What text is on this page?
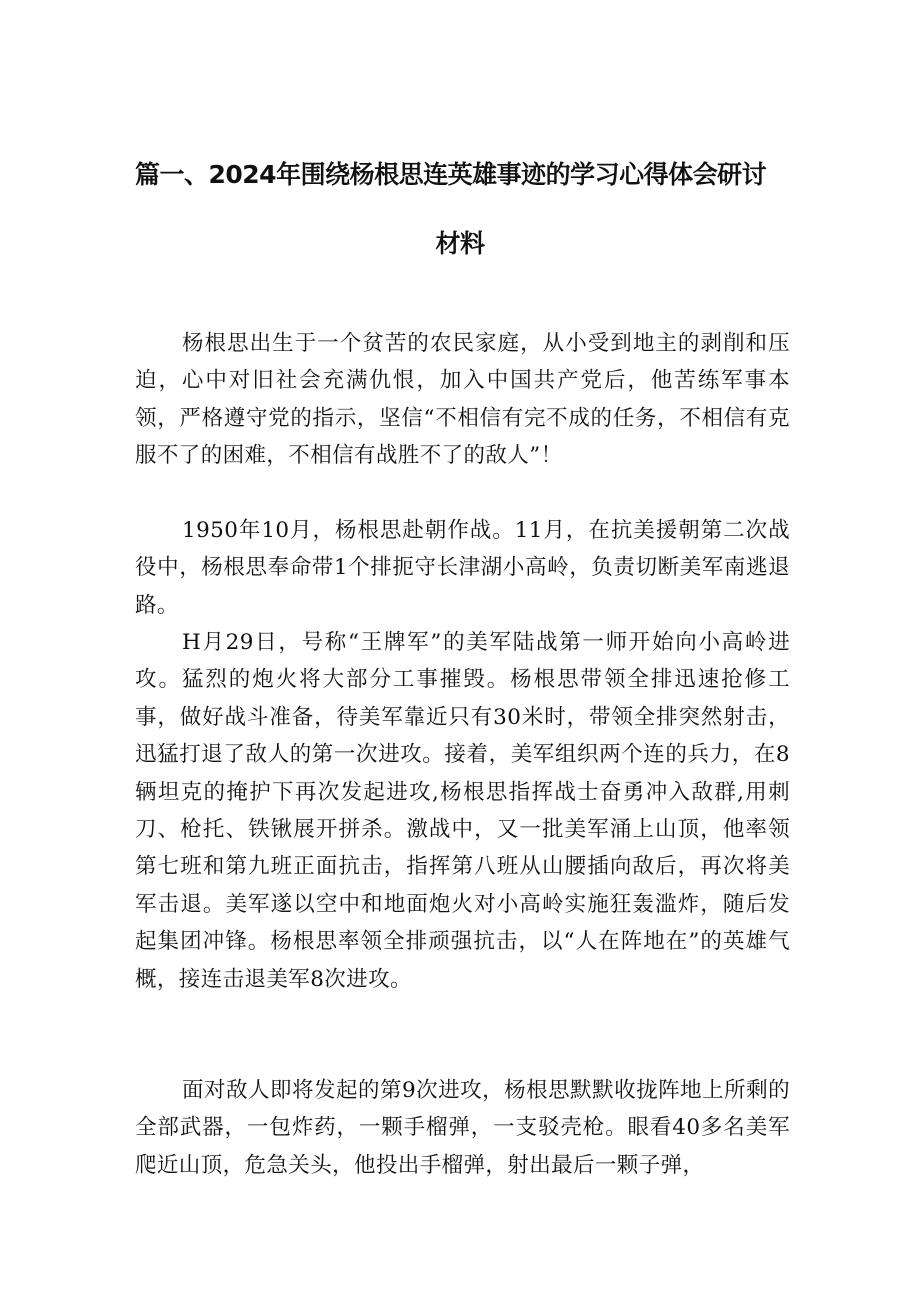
篇一、2024年围绕杨根思连英雄事迹的学习心得体会研讨
材料

杨根思出生于一个贫苦的农民家庭，从小受到地主的剥削和压迫，心中对旧社会充满仇恨，加入中国共产党后，他苦练军事本领，严格遵守党的指示，坚信“不相信有完不成的任务，不相信有克服不了的困难，不相信有战胜不了的敌人”！

1950年10月，杨根思赴朝作战。11月，在抗美援朝第二次战役中，杨根思奉命带1个排扼守长津湖小高岭，负责切断美军南逃退路。

H月29日，号称“王牌军”的美军陆战第一师开始向小高岭进攻。猛烈的炮火将大部分工事摧毁。杨根思带领全排迅速抢修工事，做好战斗准备，待美军靠近只有30米时，带领全排突然射击，迅猛打退了敌人的第一次进攻。接着，美军组织两个连的兵力，在8辆坦克的掩护下再次发起进攻,杨根思指挥战士奋勇冲入敌群,用刺刀、枪托、铁锹展开拼杀。激战中，又一批美军涌上山顶，他率领第七班和第九班正面抗击，指挥第八班从山腰插向敌后，再次将美军击退。美军遂以空中和地面炮火对小高岭实施狂轰滥炸，随后发起集团冲锋。杨根思率领全排顽强抗击，以“人在阵地在”的英雄气概，接连击退美军8次进攻。

面对敌人即将发起的第9次进攻，杨根思默默收拢阵地上所剩的全部武器，一包炸药，一颗手榴弹，一支驳壳枪。眼看40多名美军爬近山顶，危急关头，他投出手榴弹，射出最后一颗子弹，
